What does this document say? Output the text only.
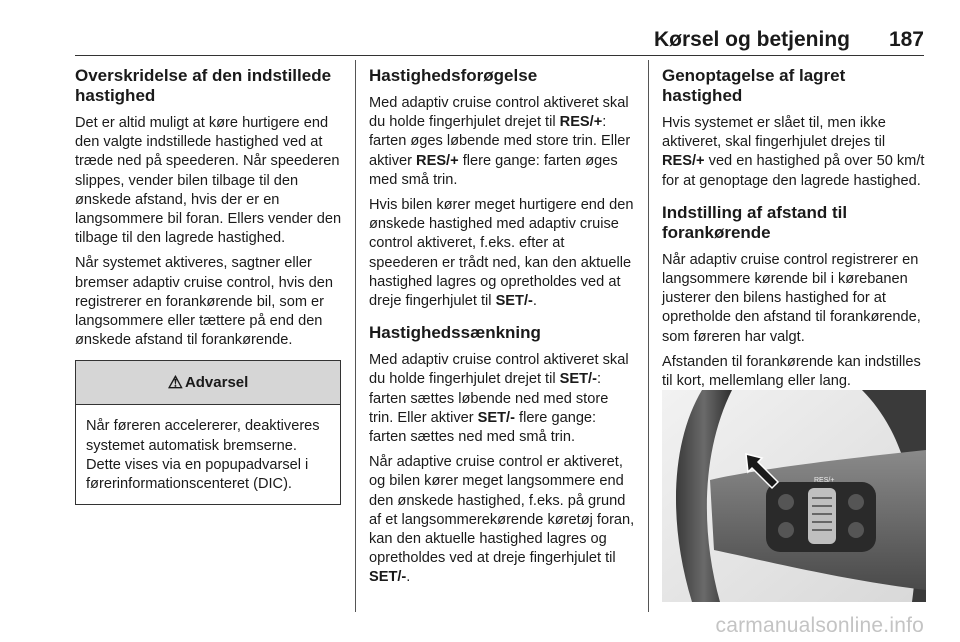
Kørsel og betjening 187
Overskridelse af den indstillede hastighed

Det er altid muligt at køre hurtigere end den valgte indstillede hastighed ved at træde ned på speederen. Når speederen slippes, vender bilen tilbage til den ønskede afstand, hvis der er en langsommere bil foran. Ellers vender den tilbage til den lagrede hastighed.

Når systemet aktiveres, sagtner eller bremser adaptiv cruise control, hvis den registrerer en forankørende bil, som er langsommere eller tættere på end den ønskede afstand til forankørende.

⚠ Advarsel

Når føreren accelererer, deaktiveres systemet automatisk bremserne. Dette vises via en popupadvarsel i førerinformationscenteret (DIC).

Hastighedsforøgelse

Med adaptiv cruise control aktiveret skal du holde fingerhjulet drejet til RES/+: farten øges løbende med store trin. Eller aktiver RES/+ flere gange: farten øges med små trin.

Hvis bilen kører meget hurtigere end den ønskede hastighed med adaptiv cruise control aktiveret, f.eks. efter at speederen er trådt ned, kan den aktuelle hastighed lagres og opretholdes ved at dreje fingerhjulet til SET/-.

Hastighedssænkning

Med adaptiv cruise control aktiveret skal du holde fingerhjulet drejet til SET/-: farten sættes løbende ned med store trin. Eller aktiver SET/- flere gange: farten sættes ned med små trin.

Når adaptive cruise control er aktiveret, og bilen kører meget langsommere end den ønskede hastighed, f.eks. på grund af et langsommerekørende køretøj foran, kan den aktuelle hastighed lagres og opretholdes ved at dreje fingerhjulet til SET/-.

Genoptagelse af lagret hastighed

Hvis systemet er slået til, men ikke aktiveret, skal fingerhjulet drejes til RES/+ ved en hastighed på over 50 km/t for at genoptage den lagrede hastighed.

Indstilling af afstand til forankørende

Når adaptiv cruise control registrerer en langsommere kørende bil i kørebanen justerer den bilens hastighed for at opretholde den afstand til forankørende, som føreren har valgt.

Afstanden til forankørende kan indstilles til kort, mellemlang eller lang.

RES/+
carmanualsonline.info
